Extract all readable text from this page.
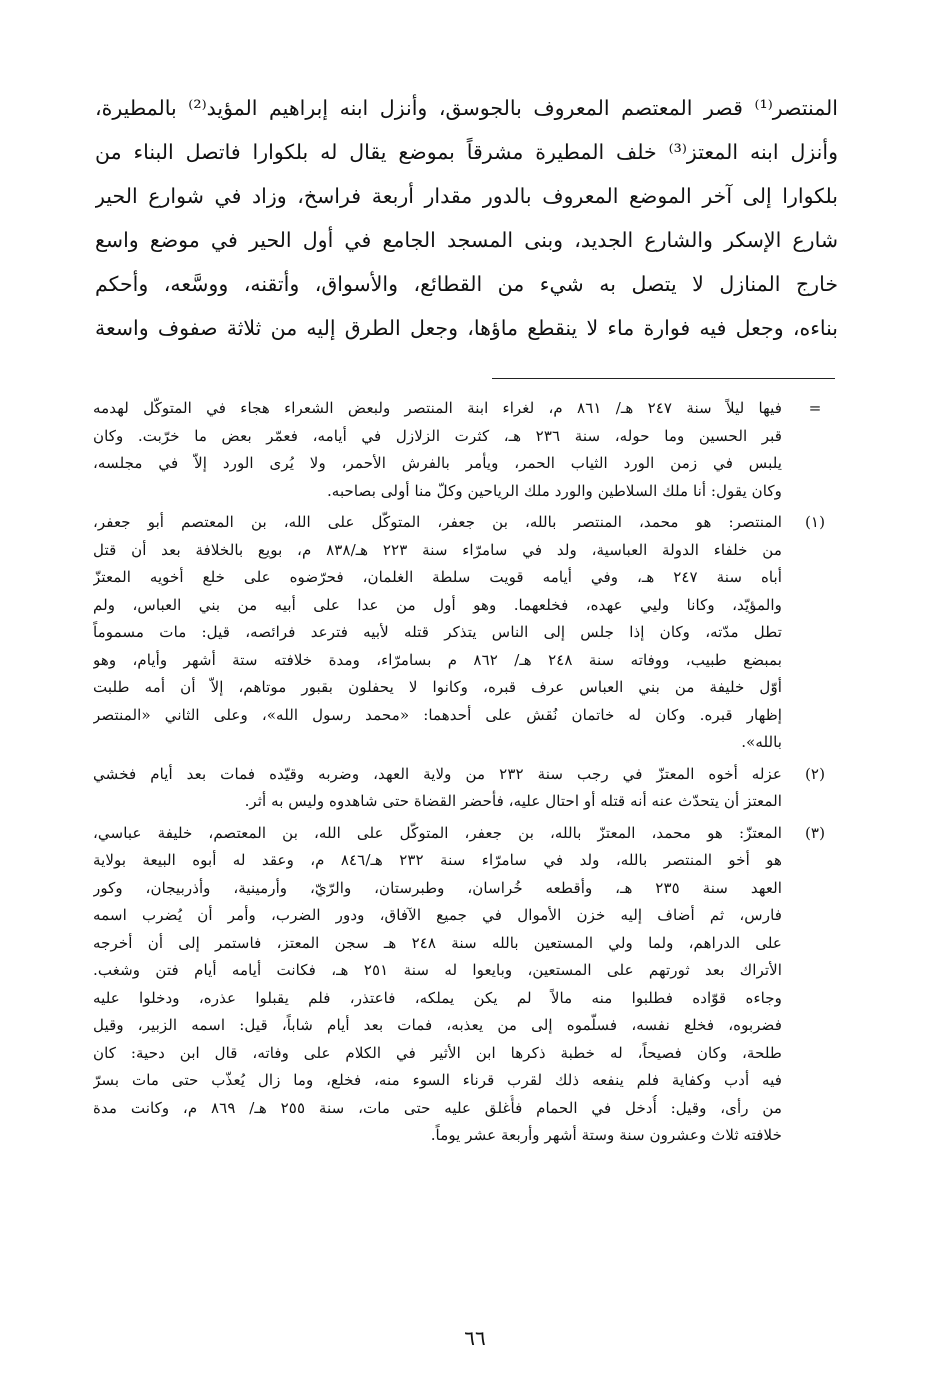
المنتصر⁽¹⁾ قصر المعتصم المعروف بالجوسق، وأنزل ابنه إبراهيم المؤيد⁽²⁾ بالمطيرة،
وأنزل ابنه المعتز⁽³⁾ خلف المطيرة مشرقاً بموضع يقال له بلكوارا فاتصل البناء من
بلكوارا إلى آخر الموضع المعروف بالدور مقدار أربعة فراسخ، وزاد في شوارع الحير
شارع الإسكر والشارع الجديد، وبنى المسجد الجامع في أول الحير في موضع واسع
خارج المنازل لا يتصل به شيء من القطائع، والأسواق، وأتقنه، ووسَّعه، وأحكم
بناءه، وجعل فيه فوارة ماء لا ينقطع ماؤها، وجعل الطرق إليه من ثلاثة صفوف واسعة
=
فيها ليلاً سنة ٢٤٧ هـ/ ٨٦١ م، لغراء ابنة المنتصر ولبعض الشعراء هجاء في المتوكّل لهدمه
قبر الحسين وما حوله، سنة ٢٣٦ هـ، كثرت الزلازل في أيامه، فعمّر بعض ما خرّبت. وكان
يلبس في زمن الورد الثياب الحمر، ويأمر بالفرش الأحمر، ولا يُرى الورد إلاّ في مجلسه،
وكان يقول: أنا ملك السلاطين والورد ملك الرياحين وكلّ منا أولى بصاحبه.
(١)
المنتصر: هو محمد، المنتصر بالله، بن جعفر، المتوكّل على الله، بن المعتصم أبو جعفر،
من خلفاء الدولة العباسية، ولد في سامرّاء سنة ٢٢٣ هـ/٨٣٨ م، بويع بالخلافة بعد أن قتل
أباه سنة ٢٤٧ هـ، وفي أيامه قويت سلطة الغلمان، فحرّضوه على خلع أخويه المعتزّ
والمؤيّد، وكانا وليي عهده، فخلعهما. وهو أول من عدا على أبيه من بني العباس، ولم
تطل مدّته، وكان إذا جلس إلى الناس يتذكر قتله لأبيه فترعد فرائصه، قيل: مات مسموماً
بمبضع طبيب، ووفاته سنة ٢٤٨ هـ/ ٨٦٢ م بسامرّاء، ومدة خلافته ستة أشهر وأيام، وهو
أوّل خليفة من بني العباس عرف قبره، وكانوا لا يحفلون بقبور موتاهم، إلاّ أن أمه طلبت
إظهار قبره. وكان له خاتمان نُقش على أحدهما: «محمد رسول الله»، وعلى الثاني «المنتصر
بالله».
(٢)
عزله أخوه المعتزّ في رجب سنة ٢٣٢ من ولاية العهد، وضربه وقيّده فمات بعد أيام فخشي
المعتز أن يتحدّث عنه أنه قتله أو احتال عليه، فأحضر القضاة حتى شاهدوه وليس به أثر.
(٣)
المعتزّ: هو محمد، المعتزّ بالله، بن جعفر، المتوكّل على الله، بن المعتصم، خليفة عباسي،
هو أخو المنتصر بالله، ولد في سامرّاء سنة ٢٣٢ هـ/٨٤٦ م، وعقد له أبوه البيعة بولاية
العهد سنة ٢٣٥ هـ، وأقطعه خُراسان، وطبرستان، والرّيّ، وأرمينية، وأذربيجان، وكور
فارس، ثم أضاف إليه خزن الأموال في جميع الآفاق، ودور الضرب، وأمر أن يُضرب اسمه
على الدراهم، ولما ولي المستعين بالله سنة ٢٤٨ هـ سجن المعتز، فاستمر إلى أن أخرجه
الأتراك بعد ثورتهم على المستعين، وبايعوا له سنة ٢٥١ هـ، فكانت أيامه أيام فتن وشغب.
وجاءه قوّاده فطلبوا منه مالاً لم يكن يملكه، فاعتذر، فلم يقبلوا عذره، ودخلوا عليه
فضربوه، فخلع نفسه، فسلّموه إلى من يعذبه، فمات بعد أيام شاباً، قيل: اسمه الزبير، وقيل
طلحة، وكان فصيحاً، له خطبة ذكرها ابن الأثير في الكلام على وفاته، قال ابن دحية: كان
فيه أدب وكفاية فلم ينفعه ذلك لقرب قرناء السوء منه، فخلع، وما زال يُعذّب حتى مات بسرّ
من رأى، وقيل: أُدخل في الحمام فأُغلق عليه حتى مات، سنة ٢٥٥ هـ/ ٨٦٩ م، وكانت مدة
خلافته ثلاث وعشرون سنة وستة أشهر وأربعة عشر يوماً.
٦٦
